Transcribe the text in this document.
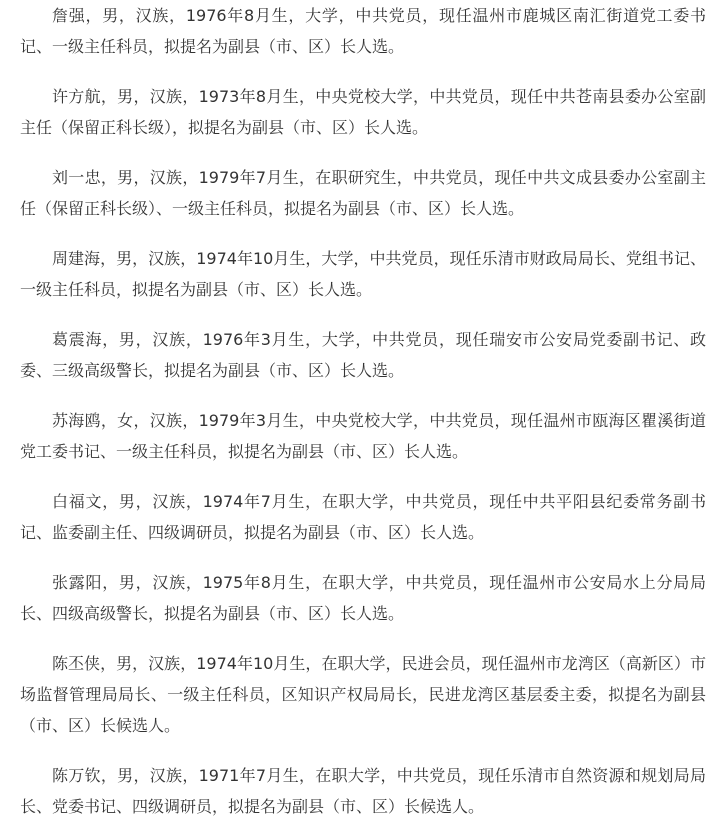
詹强，男，汉族，1976年8月生，大学，中共党员，现任温州市鹿城区南汇街道党工委书记、一级主任科员，拟提名为副县（市、区）长人选。

许方航，男，汉族，1973年8月生，中央党校大学，中共党员，现任中共苍南县委办公室副主任（保留正科长级），拟提名为副县（市、区）长人选。

刘一忠，男，汉族，1979年7月生，在职研究生，中共党员，现任中共文成县委办公室副主任（保留正科长级）、一级主任科员，拟提名为副县（市、区）长人选。

周建海，男，汉族，1974年10月生，大学，中共党员，现任乐清市财政局局长、党组书记、一级主任科员，拟提名为副县（市、区）长人选。

葛震海，男，汉族，1976年3月生，大学，中共党员，现任瑞安市公安局党委副书记、政委、三级高级警长，拟提名为副县（市、区）长人选。

苏海鸥，女，汉族，1979年3月生，中央党校大学，中共党员，现任温州市瓯海区瞿溪街道党工委书记、一级主任科员，拟提名为副县（市、区）长人选。

白福文，男，汉族，1974年7月生，在职大学，中共党员，现任中共平阳县纪委常务副书记、监委副主任、四级调研员，拟提名为副县（市、区）长人选。

张露阳，男，汉族，1975年8月生，在职大学，中共党员，现任温州市公安局水上分局局长、四级高级警长，拟提名为副县（市、区）长人选。

陈丕侠，男，汉族，1974年10月生，在职大学，民进会员，现任温州市龙湾区（高新区）市场监督管理局局长、一级主任科员，区知识产权局局长，民进龙湾区基层委主委，拟提名为副县（市、区）长候选人。

陈万钦，男，汉族，1971年7月生，在职大学，中共党员，现任乐清市自然资源和规划局局长、党委书记、四级调研员，拟提名为副县（市、区）长候选人。
